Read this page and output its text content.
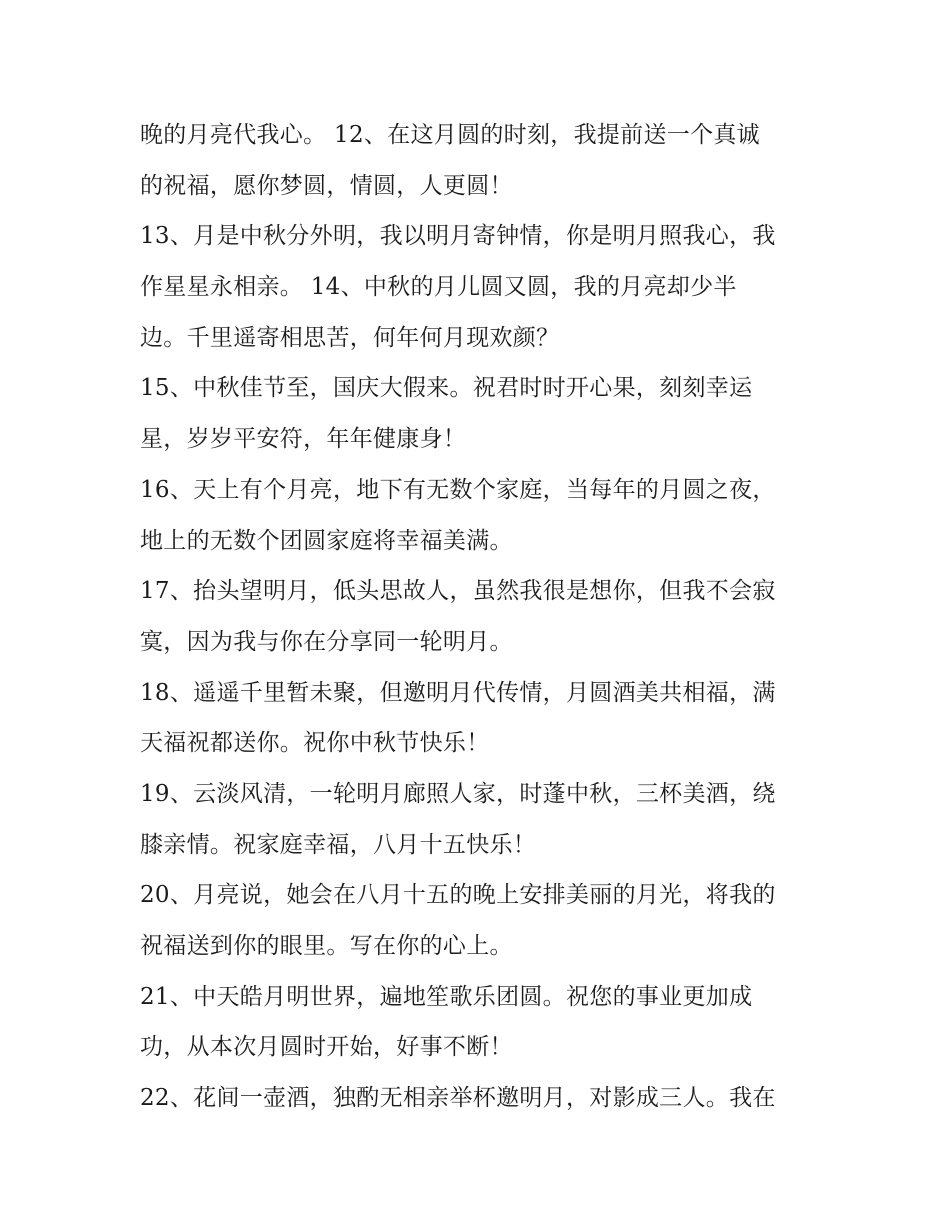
晚的月亮代我心。 12、在这月圆的时刻，我提前送一个真诚
的祝福，愿你梦圆，情圆，人更圆！
13、月是中秋分外明，我以明月寄钟情，你是明月照我心，我
作星星永相亲。 14、中秋的月儿圆又圆，我的月亮却少半
边。千里遥寄相思苦，何年何月现欢颜？
15、中秋佳节至，国庆大假来。祝君时时开心果，刻刻幸运
星，岁岁平安符，年年健康身！
16、天上有个月亮，地下有无数个家庭，当每年的月圆之夜，
地上的无数个团圆家庭将幸福美满。
17、抬头望明月，低头思故人，虽然我很是想你，但我不会寂
寞，因为我与你在分享同一轮明月。
18、遥遥千里暂未聚，但邀明月代传情，月圆酒美共相福，满
天福祝都送你。祝你中秋节快乐！
19、云淡风清，一轮明月廊照人家，时蓬中秋，三杯美酒，绕
膝亲情。祝家庭幸福，八月十五快乐！
20、月亮说，她会在八月十五的晚上安排美丽的月光，将我的
祝福送到你的眼里。写在你的心上。
21、中天皓月明世界，遍地笙歌乐团圆。祝您的事业更加成
功，从本次月圆时开始，好事不断！
22、花间一壶酒，独酌无相亲举杯邀明月，对影成三人。我在
